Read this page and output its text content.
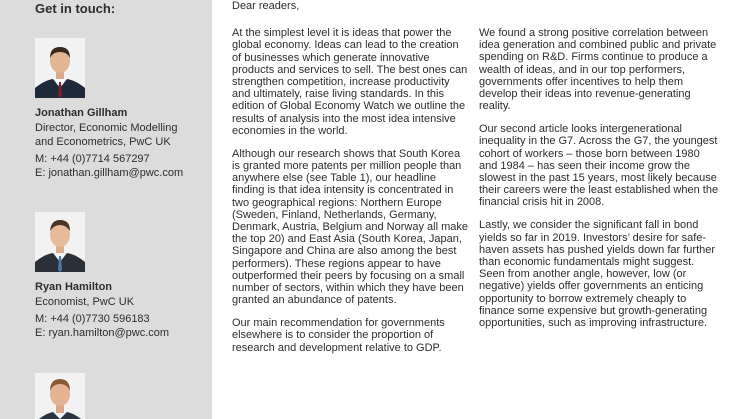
Get in touch:
Jonathan Gillham
Director, Economic Modelling
and Econometrics, PwC UK
M: +44 (0)7714 567297
E: jonathan.gillham@pwc.com
Ryan Hamilton
Economist, PwC UK
M: +44 (0)7730 596183
E: ryan.hamilton@pwc.com

Dear readers,

At the simplest level it is ideas that power the global economy. Ideas can lead to the creation of businesses which generate innovative products and services to sell. The best ones can strengthen competition, increase productivity and ultimately, raise living standards. In this edition of Global Economy Watch we outline the results of analysis into the most idea intensive economies in the world.

Although our research shows that South Korea is granted more patents per million people than anywhere else (see Table 1), our headline finding is that idea intensity is concentrated in two geographical regions: Northern Europe (Sweden, Finland, Netherlands, Germany, Denmark, Austria, Belgium and Norway all make the top 20) and East Asia (South Korea, Japan, Singapore and China are also among the best performers). These regions appear to have outperformed their peers by focusing on a small number of sectors, within which they have been granted an abundance of patents.

Our main recommendation for governments elsewhere is to consider the proportion of research and development relative to GDP.

We found a strong positive correlation between idea generation and combined public and private spending on R&D. Firms continue to produce a wealth of ideas, and in our top performers, governments offer incentives to help them develop their ideas into revenue-generating reality.

Our second article looks intergenerational inequality in the G7. Across the G7, the youngest cohort of workers – those born between 1980 and 1984 – has seen their income grow the slowest in the past 15 years, most likely because their careers were the least established when the financial crisis hit in 2008.

Lastly, we consider the significant fall in bond yields so far in 2019. Investors’ desire for safe-haven assets has pushed yields down far further than economic fundamentals might suggest. Seen from another angle, however, low (or negative) yields offer governments an enticing opportunity to borrow extremely cheaply to finance some expensive but growth-generating opportunities, such as improving infrastructure.
